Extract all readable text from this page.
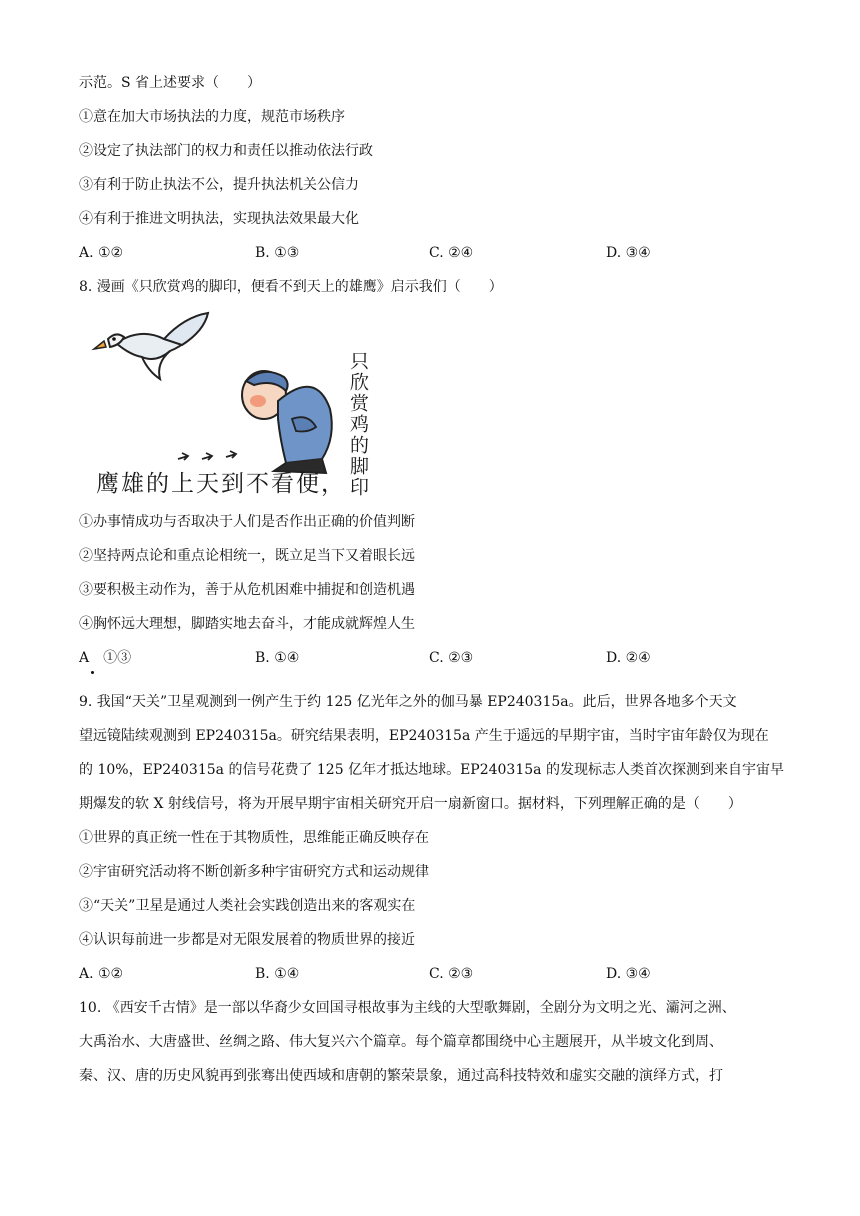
示范。S 省上述要求（　　）
①意在加大市场执法的力度，规范市场秩序
②设定了执法部门的权力和责任以推动依法行政
③有利于防止执法不公，提升执法机关公信力
④有利于推进文明执法，实现执法效果最大化
A. ①②	B. ①③	C. ②④	D. ③④
8. 漫画《只欣赏鸡的脚印，便看不到天上的雄鹰》启示我们（　　）
只欣赏鸡的脚印
鹰雄的上天到不看便，
①办事情成功与否取决于人们是否作出正确的价值判断
②坚持两点论和重点论相统一，既立足当下又着眼长远
③要积极主动作为，善于从危机困难中捕捉和创造机遇
④胸怀远大理想，脚踏实地去奋斗，才能成就辉煌人生
A　①③	B. ①④	C. ②③	D. ②④
9. 我国“天关”卫星观测到一例产生于约 125 亿光年之外的伽马暴 EP240315a。此后，世界各地多个天文
望远镜陆续观测到 EP240315a。研究结果表明，EP240315a 产生于遥远的早期宇宙，当时宇宙年龄仅为现在
的 10%，EP240315a 的信号花费了 125 亿年才抵达地球。EP240315a 的发现标志人类首次探测到来自宇宙早
期爆发的软 X 射线信号，将为开展早期宇宙相关研究开启一扇新窗口。据材料，下列理解正确的是（　　）
①世界的真正统一性在于其物质性，思维能正确反映存在
②宇宙研究活动将不断创新多种宇宙研究方式和运动规律
③“天关”卫星是通过人类社会实践创造出来的客观实在
④认识每前进一步都是对无限发展着的物质世界的接近
A. ①②	B. ①④	C. ②③	D. ③④
10. 《西安千古情》是一部以华裔少女回国寻根故事为主线的大型歌舞剧，全剧分为文明之光、灞河之洲、
大禹治水、大唐盛世、丝绸之路、伟大复兴六个篇章。每个篇章都围绕中心主题展开，从半坡文化到周、
秦、汉、唐的历史风貌再到张骞出使西域和唐朝的繁荣景象，通过高科技特效和虚实交融的演绎方式，打
